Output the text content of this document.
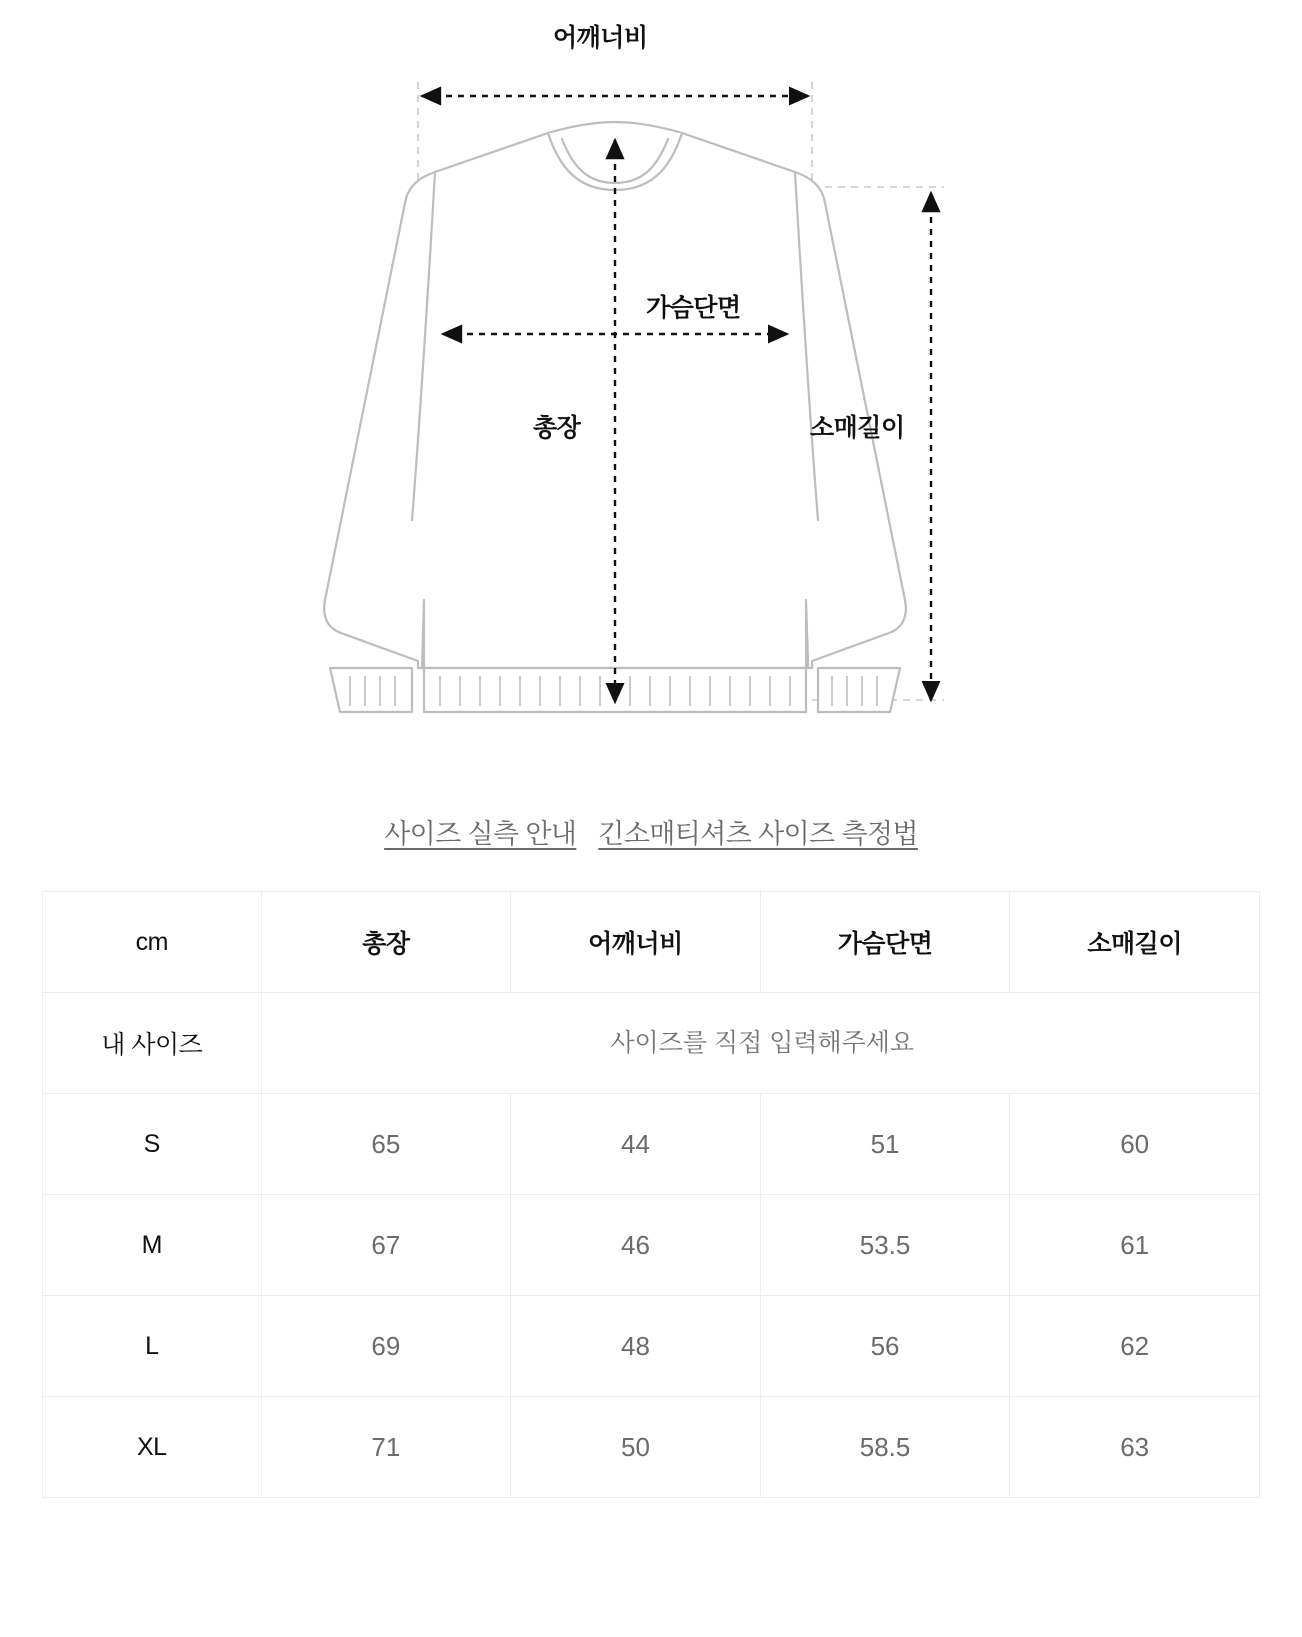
어깨너비
가슴단면
총장	소매길이
사이즈 실측 안내 긴소매티셔츠 사이즈 측정법
cm	총장	어깨너비	가슴단면	소매길이
내 사이즈	사이즈를 직접 입력해주세요
S	65	44	51	60
M	67	46	53.5	61
L	69	48	56	62
XL	71	50	58.5	63
